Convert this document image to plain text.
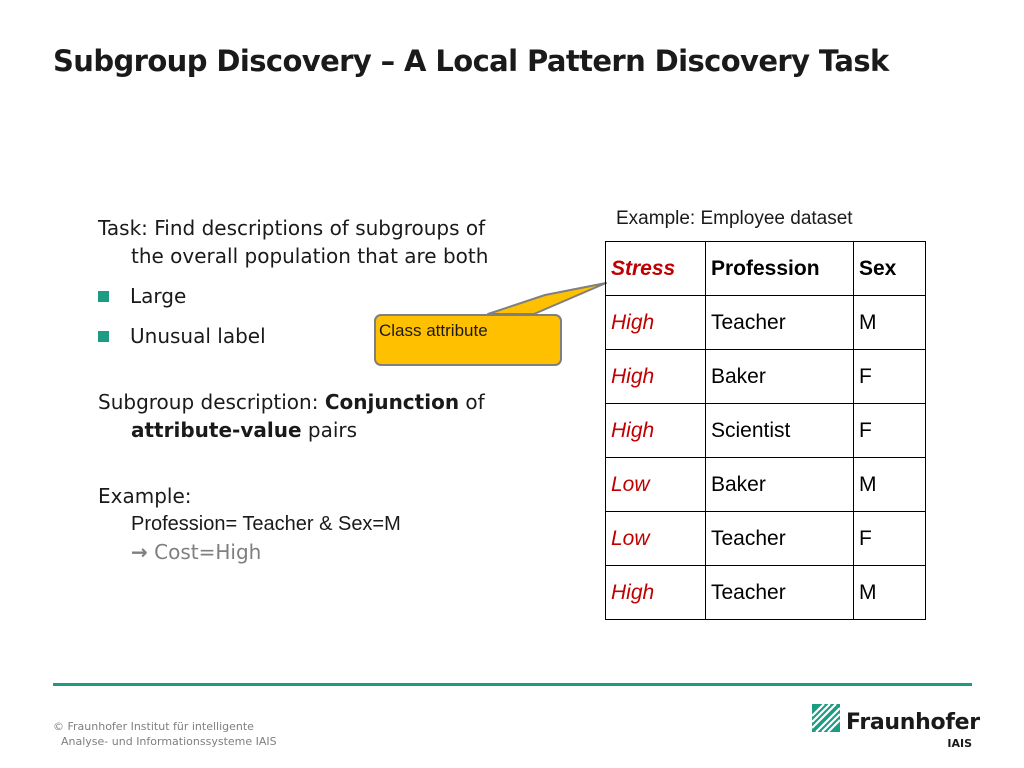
Subgroup Discovery – A Local Pattern Discovery Task

Task: Find descriptions of subgroups of

the overall population that are both

Large
Unusual label

Subgroup description: Conjunction of

attribute-value pairs

Example:

Profession= Teacher & Sex=M

→ Cost=High

Class attribute
Example: Employee dataset
Stress	Profession	Sex
High	Teacher	M
High	Baker	F
High	Scientist	F
Low	Baker	M
Low	Teacher	F
High	Teacher	M
© Fraunhofer Institut für intelligente
Analyse- und Informationssysteme IAIS
Fraunhofer
IAIS
